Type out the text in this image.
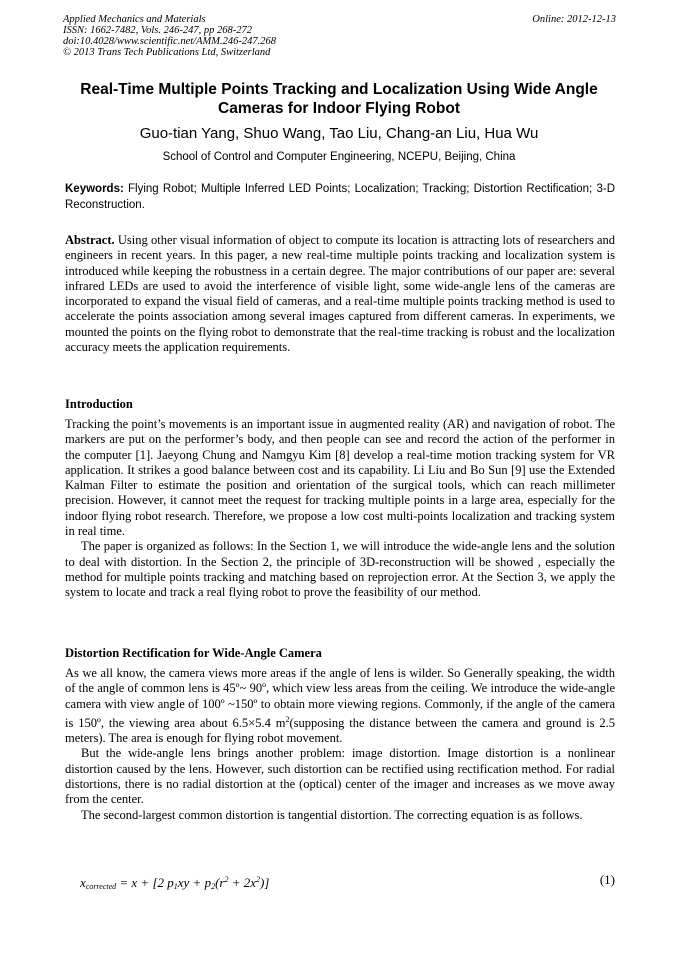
Applied Mechanics and Materials
ISSN: 1662-7482, Vols. 246-247, pp 268-272
doi:10.4028/www.scientific.net/AMM.246-247.268
© 2013 Trans Tech Publications Ltd, Switzerland
Online: 2012-12-13
Real-Time Multiple Points Tracking and Localization Using Wide Angle
Cameras for Indoor Flying Robot
Guo-tian Yang, Shuo Wang, Tao Liu, Chang-an Liu, Hua Wu
School of Control and Computer Engineering, NCEPU, Beijing, China
Keywords: Flying Robot; Multiple Inferred LED Points; Localization; Tracking; Distortion Rectification; 3-D Reconstruction.

Abstract. Using other visual information of object to compute its location is attracting lots of researchers and engineers in recent years. In this pager, a new real-time multiple points tracking and localization system is introduced while keeping the robustness in a certain degree. The major contributions of our paper are: several infrared LEDs are used to avoid the interference of visible light, some wide-angle lens of the cameras are incorporated to expand the visual field of cameras, and a real-time multiple points tracking method is used to accelerate the points association among several images captured from different cameras. In experiments, we mounted the points on the flying robot to demonstrate that the real-time tracking is robust and the localization accuracy meets the application requirements.

Introduction

Tracking the point’s movements is an important issue in augmented reality (AR) and navigation of robot. The markers are put on the performer’s body, and then people can see and record the action of the performer in the computer [1]. Jaeyong Chung and Namgyu Kim [8] develop a real-time motion tracking system for VR application. It strikes a good balance between cost and its capability. Li Liu and Bo Sun [9] use the Extended Kalman Filter to estimate the position and orientation of the surgical tools, which can reach millimeter precision. However, it cannot meet the request for tracking multiple points in a large area, especially for the indoor flying robot research. Therefore, we propose a low cost multi-points localization and tracking system in real time.

The paper is organized as follows: In the Section 1, we will introduce the wide-angle lens and the solution to deal with distortion. In the Section 2, the principle of 3D-reconstruction will be showed , especially the method for multiple points tracking and matching based on reprojection error. At the Section 3, we apply the system to locate and track a real flying robot to prove the feasibility of our method.

Distortion Rectification for Wide-Angle Camera

As we all know, the camera views more areas if the angle of lens is wilder. So Generally speaking, the width of the angle of common lens is 45º~ 90º, which view less areas from the ceiling. We introduce the wide-angle camera with view angle of 100º ~150º to obtain more viewing regions. Commonly, if the angle of the camera is 150º, the viewing area about 6.5×5.4 $m^2(supposing$ the distance between the camera and ground is 2.5 meters). The area is enough for flying robot movement.

But the wide-angle lens brings another problem: image distortion. Image distortion is a nonlinear distortion caused by the lens. However, such distortion can be rectified using rectification method. For radial distortions, there is no radial distortion at the (optical) center of the imager and increases as we move away from the center.

The second-largest common distortion is tangential distortion. The correcting equation is as follows.

$x_{corrected} = x + [2$ $p_1xy + p_2(r^2 + 2x^2)$]	(1)
